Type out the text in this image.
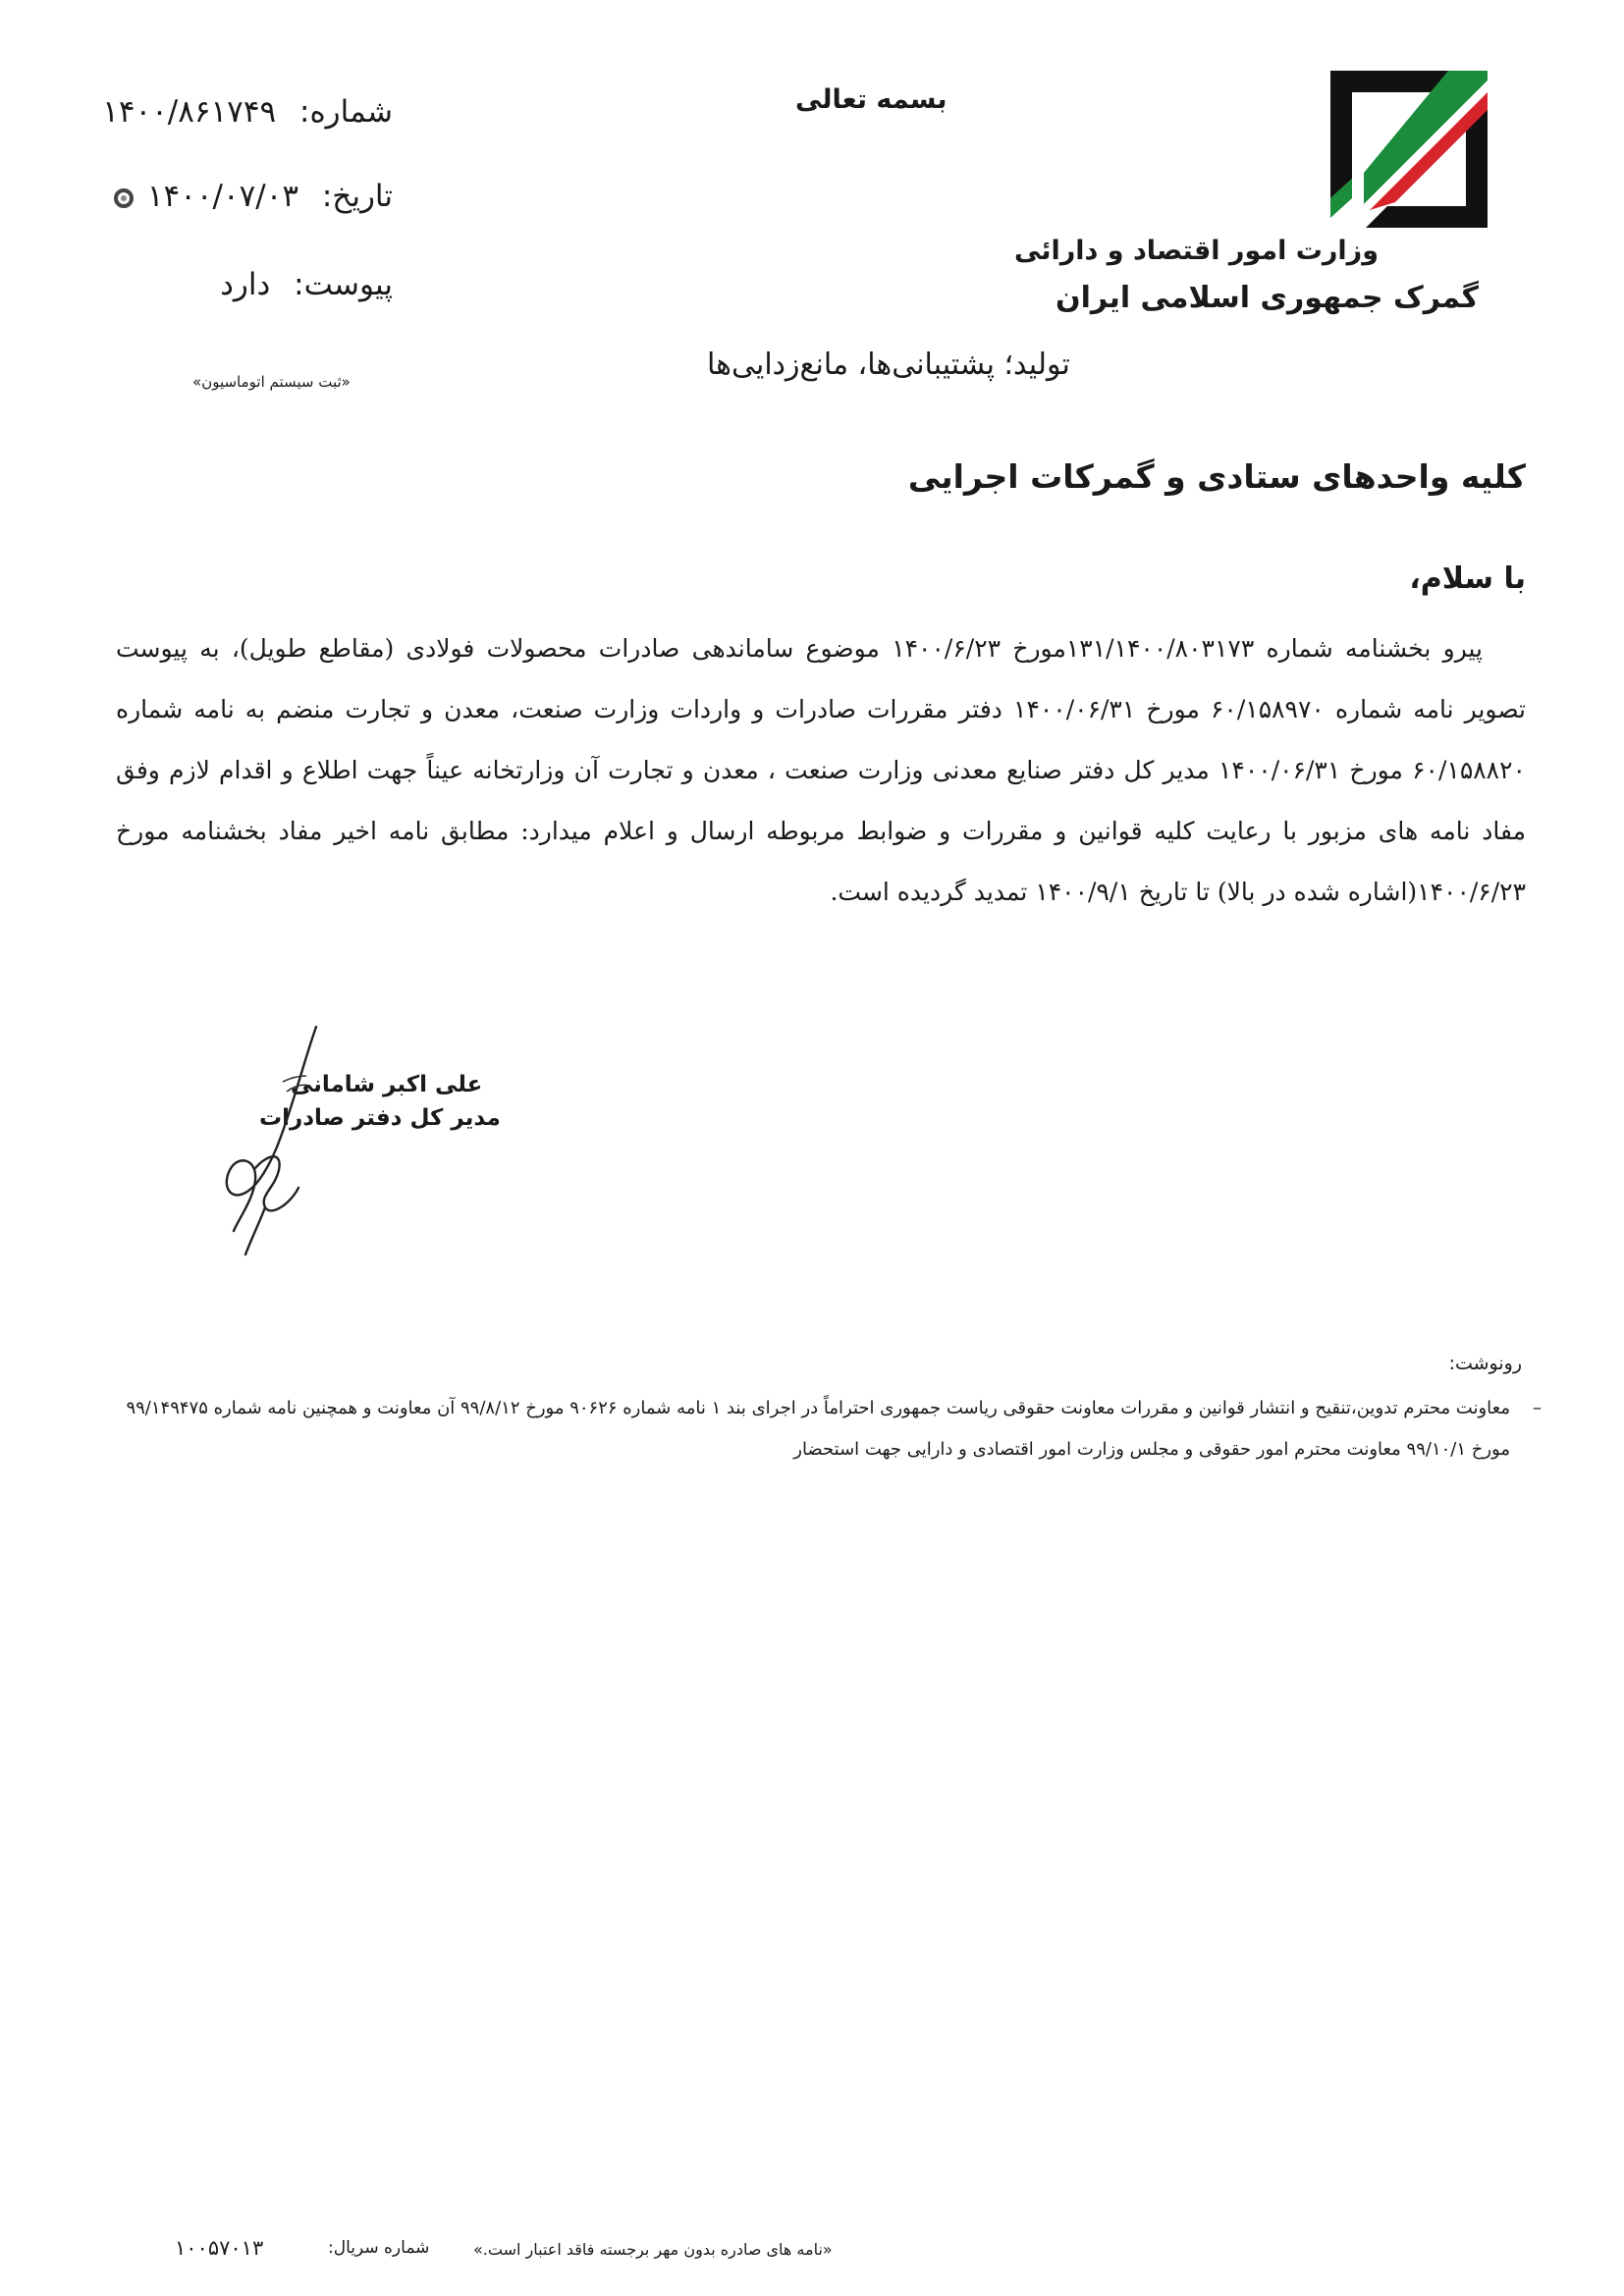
وزارت امور اقتصاد و دارائی
گمرک جمهوری اسلامی ایران
بسمه تعالی
شماره: ۱۴۰۰/۸۶۱۷۴۹
تاریخ: ۱۴۰۰/۰۷/۰۳
پیوست: دارد
«ثبت سیستم اتوماسیون»	تولید؛ پشتیبانی‌ها، مانع‌زدایی‌ها
کلیه واحدهای ستادی و گمرکات اجرایی
با سلام،

پیرو بخشنامه شماره ۱۳۱/۱۴۰۰/۸۰۳۱۷۳مورخ ۱۴۰۰/۶/۲۳ موضوع ساماندهی صادرات محصولات فولادی (مقاطع طویل)، به پیوست تصویر نامه شماره ۶۰/۱۵۸۹۷۰ مورخ ۱۴۰۰/۰۶/۳۱ دفتر مقررات صادرات و واردات وزارت صنعت، معدن و تجارت منضم به نامه شماره ۶۰/۱۵۸۸۲۰ مورخ ۱۴۰۰/۰۶/۳۱ مدیر کل دفتر صنایع معدنی وزارت صنعت ، معدن و تجارت آن وزارتخانه عیناً جهت اطلاع و اقدام لازم وفق مفاد نامه های مزبور با رعایت کلیه قوانین و مقررات و ضوابط مربوطه ارسال و اعلام میدارد: مطابق نامه اخیر مفاد بخشنامه مورخ ۱۴۰۰/۶/۲۳(اشاره شده در بالا) تا تاریخ ۱۴۰۰/۹/۱ تمدید گردیده است.

علی اکبر شامانی
مدیر کل دفتر صادرات
رونوشت:
–
معاونت محترم تدوین،تنقیح و انتشار قوانین و مقررات معاونت حقوقی ریاست جمهوری احتراماً در اجرای بند ۱ نامه شماره ۹۰۶۲۶ مورخ ۹۹/۸/۱۲ آن معاونت و همچنین نامه شماره ۹۹/۱۴۹۴۷۵ مورخ ۹۹/۱۰/۱ معاونت محترم امور حقوقی و مجلس وزارت امور اقتصادی و دارایی جهت استحضار
«نامه های صادره بدون مهر برجسته فاقد اعتبار است.»
شماره سریال:
۱۰۰۵۷۰۱۳
